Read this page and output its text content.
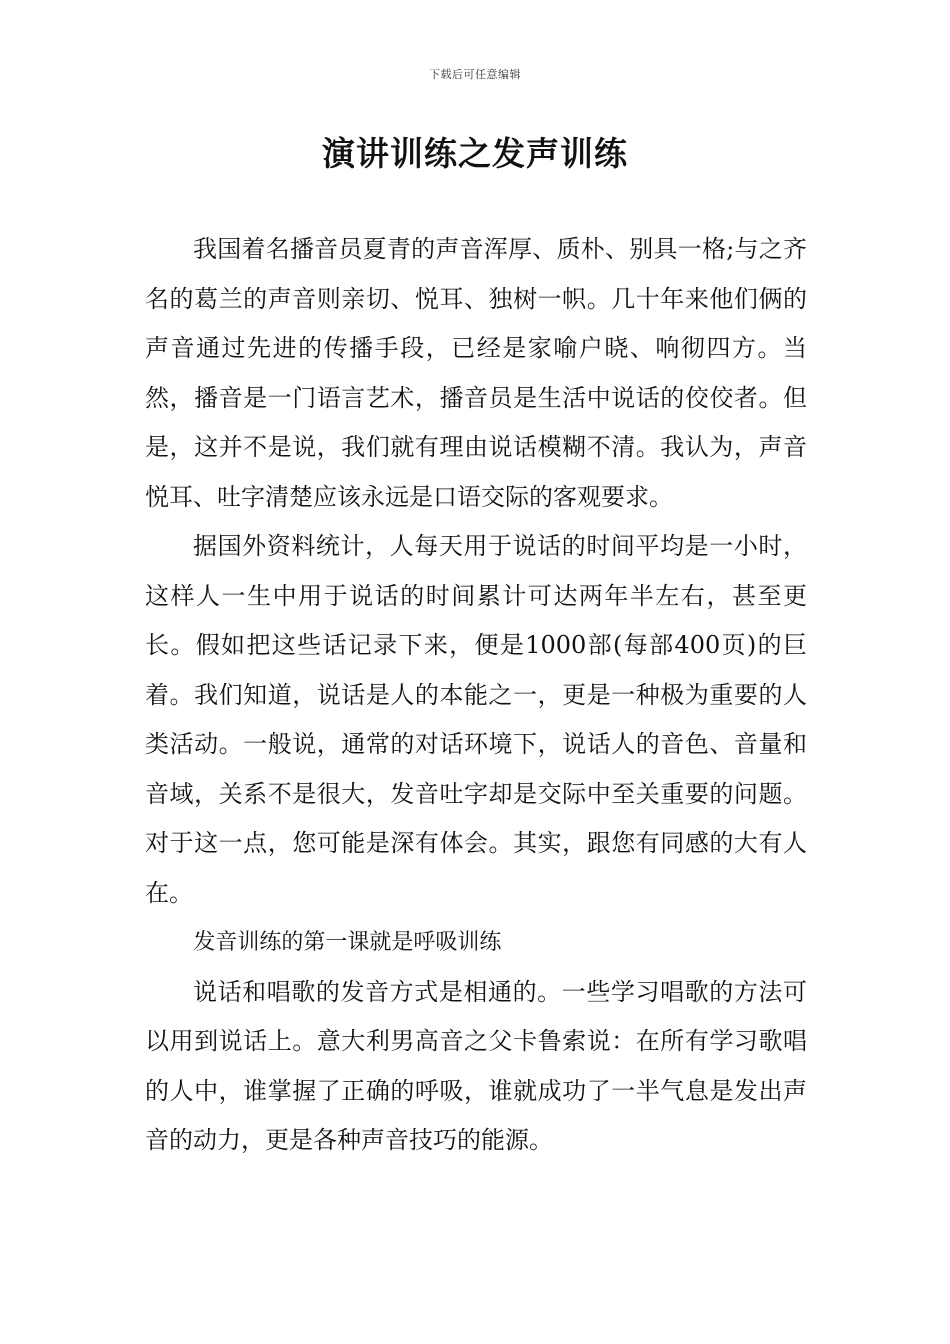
下载后可任意编辑
演讲训练之发声训练

我国着名播音员夏青的声音浑厚、质朴、别具一格;与之齐名的葛兰的声音则亲切、悦耳、独树一帜。几十年来他们俩的声音通过先进的传播手段，已经是家喻户晓、响彻四方。当然，播音是一门语言艺术，播音员是生活中说话的佼佼者。但是，这并不是说，我们就有理由说话模糊不清。我认为，声音悦耳、吐字清楚应该永远是口语交际的客观要求。

据国外资料统计，人每天用于说话的时间平均是一小时，这样人一生中用于说话的时间累计可达两年半左右，甚至更长。假如把这些话记录下来，便是1000部(每部400页)的巨着。我们知道，说话是人的本能之一，更是一种极为重要的人类活动。一般说，通常的对话环境下，说话人的音色、音量和音域，关系不是很大，发音吐字却是交际中至关重要的问题。对于这一点，您可能是深有体会。其实，跟您有同感的大有人在。

发音训练的第一课就是呼吸训练

说话和唱歌的发音方式是相通的。一些学习唱歌的方法可以用到说话上。意大利男高音之父卡鲁索说：在所有学习歌唱的人中，谁掌握了正确的呼吸，谁就成功了一半气息是发出声音的动力，更是各种声音技巧的能源。
